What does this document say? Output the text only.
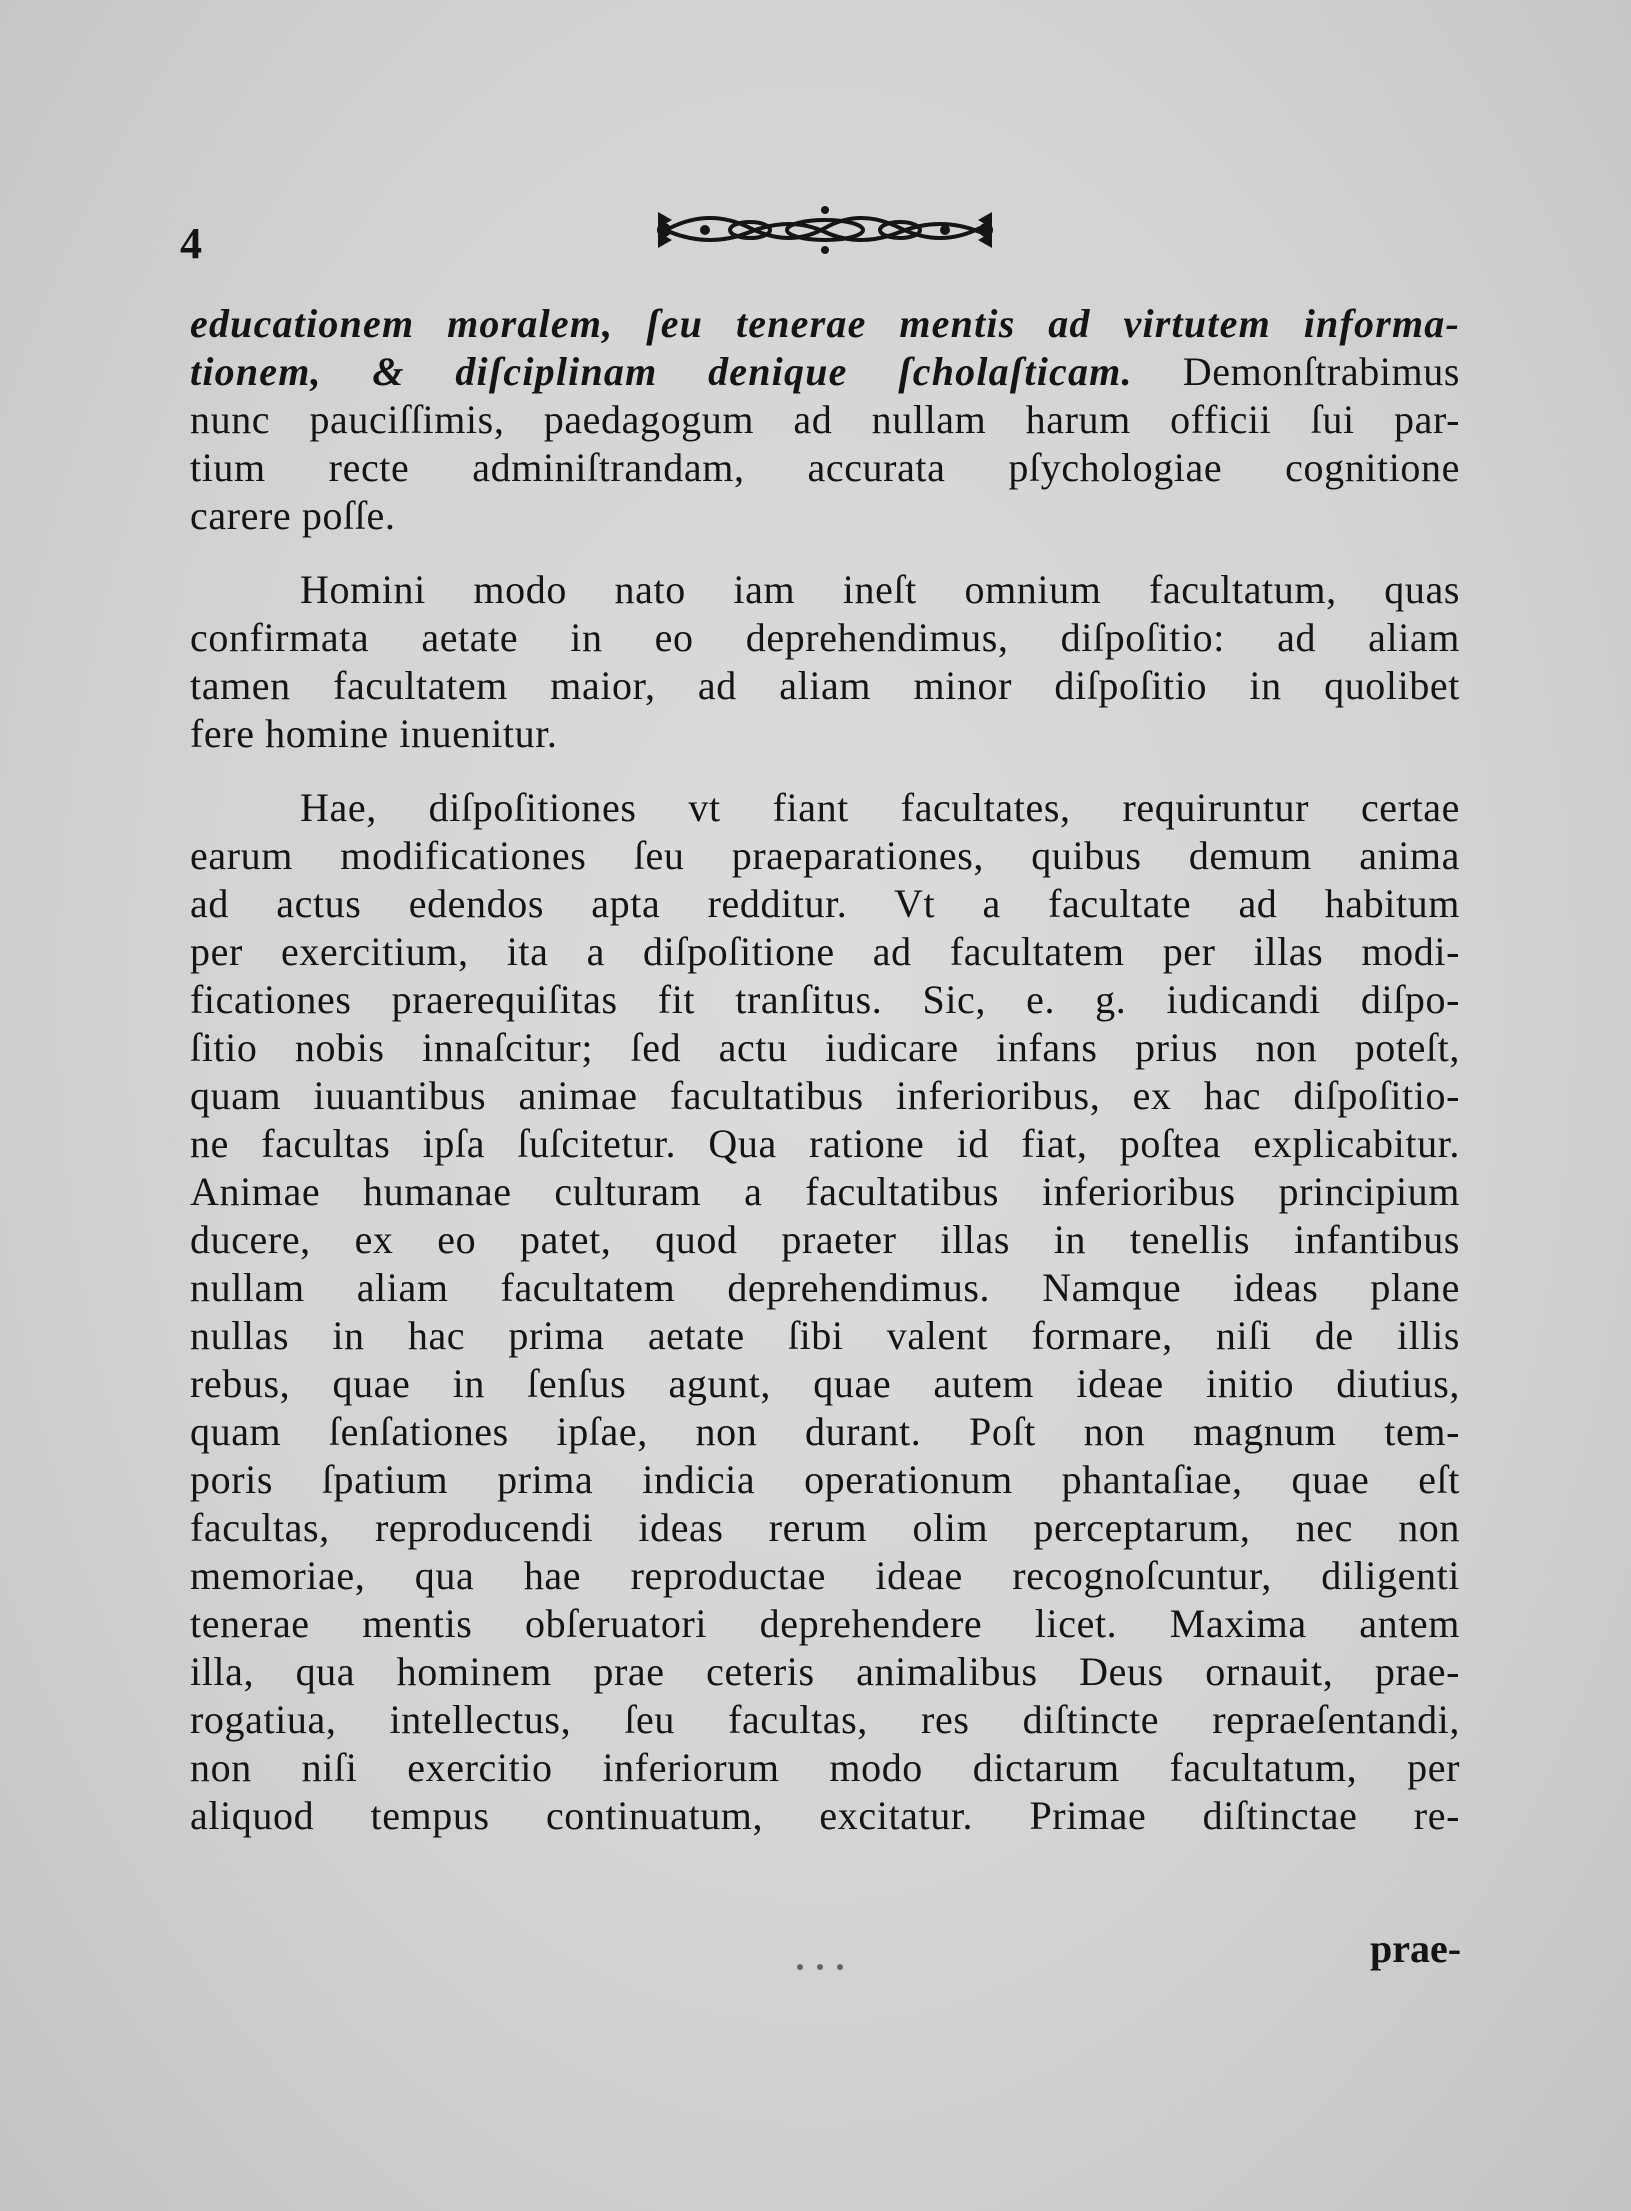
4
educationem moralem, ſeu tenerae mentis ad virtutem informa-
tionem, & diſciplinam denique ſcholaſticam. Demonſtrabimus
nunc pauciſſimis, paedagogum ad nullam harum officii ſui par-
tium recte adminiſtrandam, accurata pſychologiae cognitione
carere poſſe.
Homini modo nato iam ineſt omnium facultatum, quas
confirmata aetate in eo deprehendimus, diſpoſitio: ad aliam
tamen facultatem maior, ad aliam minor diſpoſitio in quolibet
fere homine inuenitur.
Hae, diſpoſitiones vt fiant facultates, requiruntur certae
earum modificationes ſeu praeparationes, quibus demum anima
ad actus edendos apta redditur. Vt a facultate ad habitum
per exercitium, ita a diſpoſitione ad facultatem per illas modi-
ficationes praerequiſitas fit tranſitus. Sic, e. g. iudicandi diſpo-
ſitio nobis innaſcitur; ſed actu iudicare infans prius non poteſt,
quam iuuantibus animae facultatibus inferioribus, ex hac diſpoſitio-
ne facultas ipſa ſuſcitetur. Qua ratione id fiat, poſtea explicabitur.
Animae humanae culturam a facultatibus inferioribus principium
ducere, ex eo patet, quod praeter illas in tenellis infantibus
nullam aliam facultatem deprehendimus. Namque ideas plane
nullas in hac prima aetate ſibi valent formare, niſi de illis
rebus, quae in ſenſus agunt, quae autem ideae initio diutius,
quam ſenſationes ipſae, non durant. Poſt non magnum tem-
poris ſpatium prima indicia operationum phantaſiae, quae eſt
facultas, reproducendi ideas rerum olim perceptarum, nec non
memoriae, qua hae reproductae ideae recognoſcuntur, diligenti
tenerae mentis obſeruatori deprehendere licet. Maxima antem
illa, qua hominem prae ceteris animalibus Deus ornauit, prae-
rogatiua, intellectus, ſeu facultas, res diſtincte repraeſentandi,
non niſi exercitio inferiorum modo dictarum facultatum, per
aliquod tempus continuatum, excitatur. Primae diſtinctae re-
prae-
